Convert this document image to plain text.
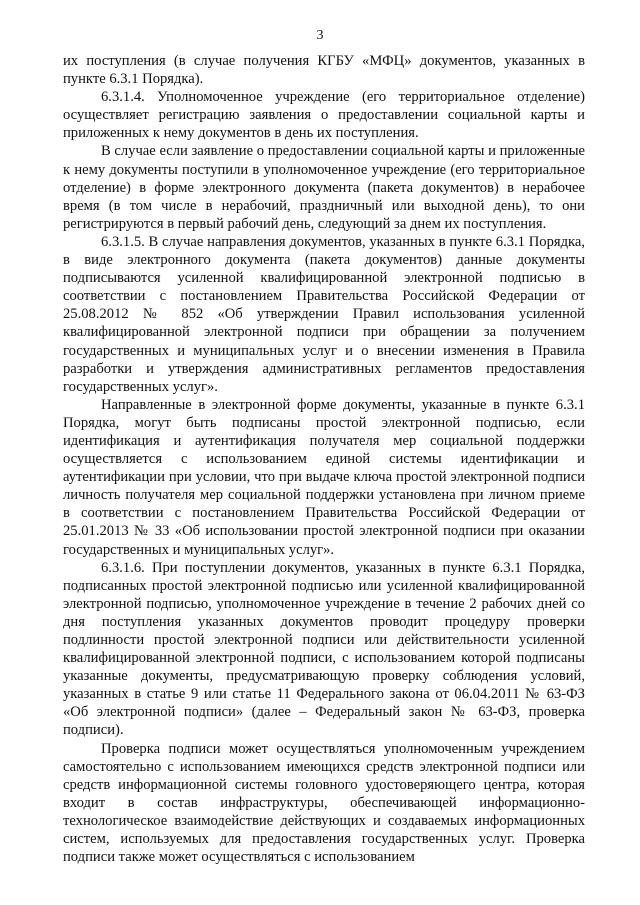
3

их поступления (в случае получения КГБУ «МФЦ» документов, указанных в пункте 6.3.1 Порядка).

6.3.1.4. Уполномоченное учреждение (его территориальное отделение) осуществляет регистрацию заявления о предоставлении социальной карты и приложенных к нему документов в день их поступления.

В случае если заявление о предоставлении социальной карты и приложенные к нему документы поступили в уполномоченное учреждение (его территориальное отделение) в форме электронного документа (пакета документов) в нерабочее время (в том числе в нерабочий, праздничный или выходной день), то они регистрируются в первый рабочий день, следующий за днем их поступления.

6.3.1.5. В случае направления документов, указанных в пункте 6.3.1 Порядка, в виде электронного документа (пакета документов) данные документы подписываются усиленной квалифицированной электронной подписью в соответствии с постановлением Правительства Российской Федерации от 25.08.2012 № 852 «Об утверждении Правил использования усиленной квалифицированной электронной подписи при обращении за получением государственных и муниципальных услуг и о внесении изменения в Правила разработки и утверждения административных регламентов предоставления государственных услуг».

Направленные в электронной форме документы, указанные в пункте 6.3.1 Порядка, могут быть подписаны простой электронной подписью, если идентификация и аутентификация получателя мер социальной поддержки осуществляется с использованием единой системы идентификации и аутентификации при условии, что при выдаче ключа простой электронной подписи личность получателя мер социальной поддержки установлена при личном приеме в соответствии с постановлением Правительства Российской Федерации от 25.01.2013 № 33 «Об использовании простой электронной подписи при оказании государственных и муниципальных услуг».

6.3.1.6. При поступлении документов, указанных в пункте 6.3.1 Порядка, подписанных простой электронной подписью или усиленной квалифицированной электронной подписью, уполномоченное учреждение в течение 2 рабочих дней со дня поступления указанных документов проводит процедуру проверки подлинности простой электронной подписи или действительности усиленной квалифицированной электронной подписи, с использованием которой подписаны указанные документы, предусматривающую проверку соблюдения условий, указанных в статье 9 или статье 11 Федерального закона от 06.04.2011 № 63-ФЗ «Об электронной подписи» (далее – Федеральный закон № 63-ФЗ, проверка подписи).

Проверка подписи может осуществляться уполномоченным учреждением самостоятельно с использованием имеющихся средств электронной подписи или средств информационной системы головного удостоверяющего центра, которая входит в состав инфраструктуры, обеспечивающей информационно-технологическое взаимодействие действующих и создаваемых информационных систем, используемых для предоставления государственных услуг. Проверка подписи также может осуществляться с использованием
